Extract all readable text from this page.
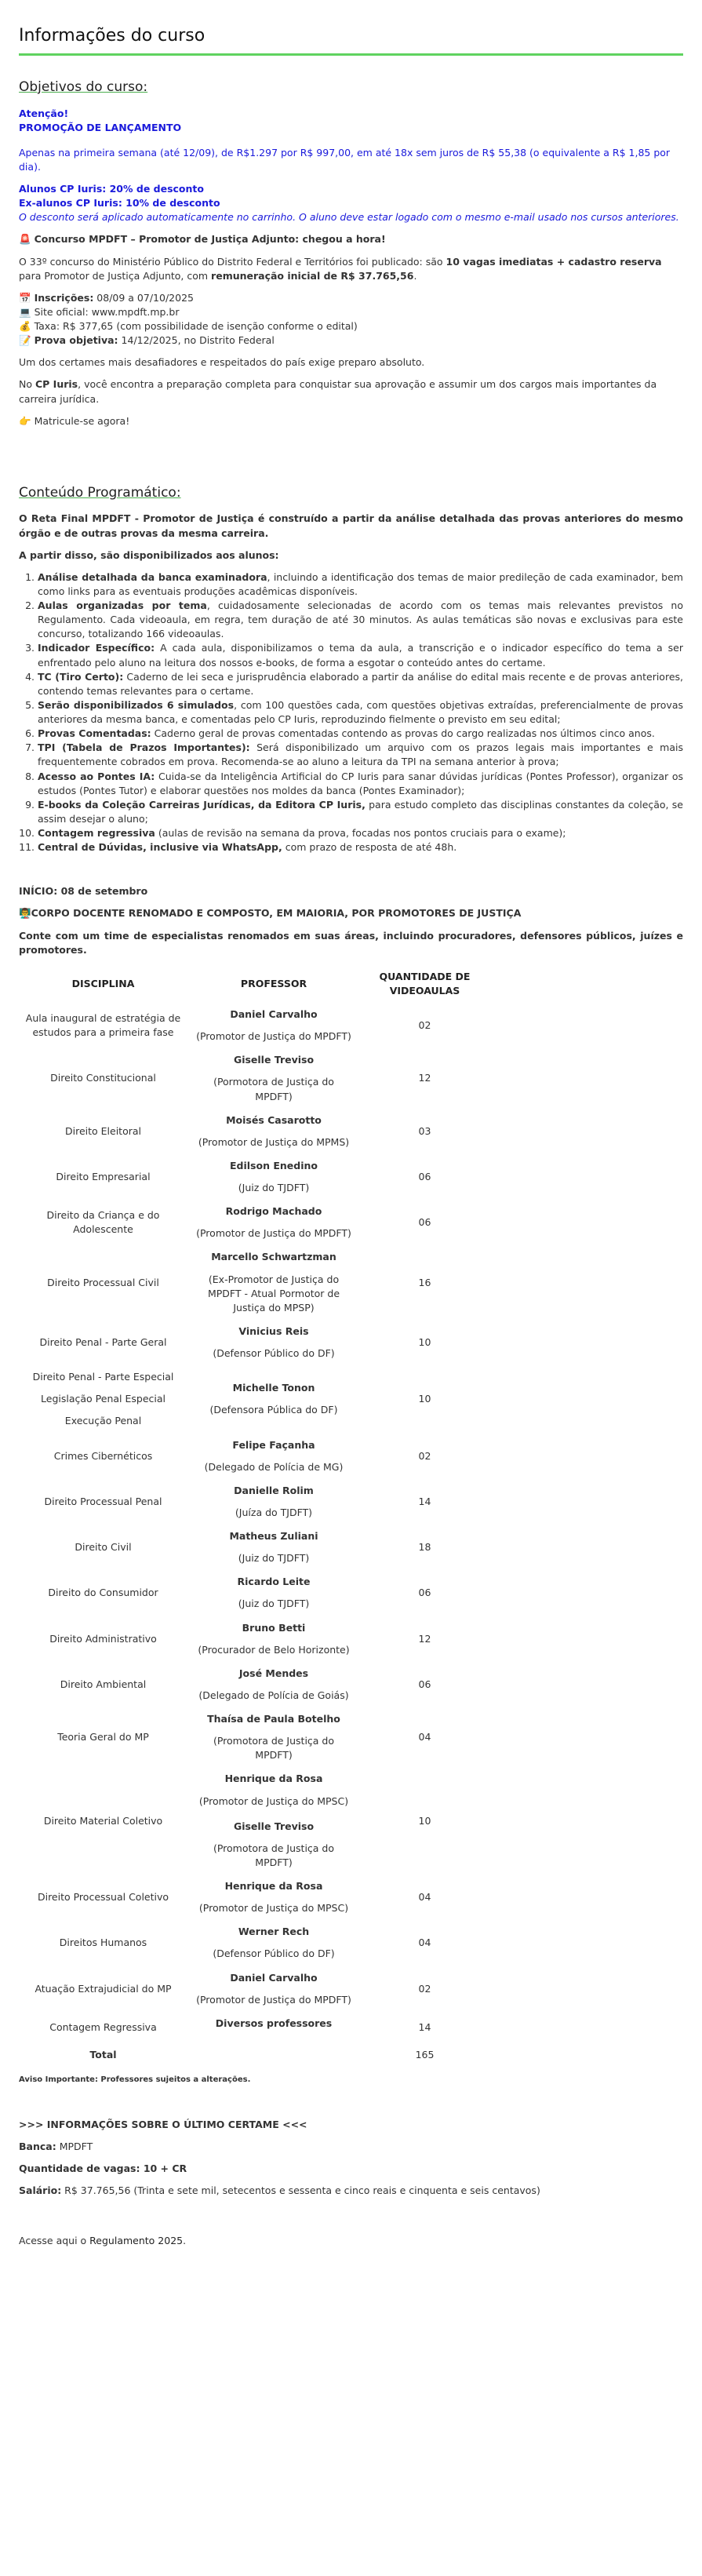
Informações do curso
Objetivos do curso:

Atenção!

PROMOÇÃO DE LANÇAMENTO

Apenas na primeira semana (até 12/09), de R$1.297 por R$ 997,00, em até 18x sem juros de R$ 55,38 (o equivalente a R$ 1,85 por dia).

Alunos CP Iuris: 20% de desconto

Ex-alunos CP Iuris: 10% de desconto

O desconto será aplicado automaticamente no carrinho. O aluno deve estar logado com o mesmo e-mail usado nos cursos anteriores.

🚨 Concurso MPDFT – Promotor de Justiça Adjunto: chegou a hora!

O 33º concurso do Ministério Público do Distrito Federal e Territórios foi publicado: são 10 vagas imediatas + cadastro reserva para Promotor de Justiça Adjunto, com remuneração inicial de R$ 37.765,56.

📅 Inscrições: 08/09 a 07/10/2025
💻 Site oficial: www.mpdft.mp.br
💰 Taxa: R$ 377,65 (com possibilidade de isenção conforme o edital)
📝 Prova objetiva: 14/12/2025, no Distrito Federal

Um dos certames mais desafiadores e respeitados do país exige preparo absoluto.

No CP Iuris, você encontra a preparação completa para conquistar sua aprovação e assumir um dos cargos mais importantes da carreira jurídica.

👉 Matricule-se agora!

Conteúdo Programático:

O Reta Final MPDFT - Promotor de Justiça é construído a partir da análise detalhada das provas anteriores do mesmo órgão e de outras provas da mesma carreira.

A partir disso, são disponibilizados aos alunos:

1. Análise detalhada da banca examinadora, incluindo a identificação dos temas de maior predileção de cada examinador, bem como links para as eventuais produções acadêmicas disponíveis.
2. Aulas organizadas por tema, cuidadosamente selecionadas de acordo com os temas mais relevantes previstos no Regulamento. Cada videoaula, em regra, tem duração de até 30 minutos. As aulas temáticas são novas e exclusivas para este concurso, totalizando 166 videoaulas.
3. Indicador Específico: A cada aula, disponibilizamos o tema da aula, a transcrição e o indicador específico do tema a ser enfrentado pelo aluno na leitura dos nossos e-books, de forma a esgotar o conteúdo antes do certame.
4. TC (Tiro Certo): Caderno de lei seca e jurisprudência elaborado a partir da análise do edital mais recente e de provas anteriores, contendo temas relevantes para o certame.
5. Serão disponibilizados 6 simulados, com 100 questões cada, com questões objetivas extraídas, preferencialmente de provas anteriores da mesma banca, e comentadas pelo CP Iuris, reproduzindo fielmente o previsto em seu edital;
6. Provas Comentadas: Caderno geral de provas comentadas contendo as provas do cargo realizadas nos últimos cinco anos.
7. TPI (Tabela de Prazos Importantes): Será disponibilizado um arquivo com os prazos legais mais importantes e mais frequentemente cobrados em prova. Recomenda-se ao aluno a leitura da TPI na semana anterior à prova;
8. Acesso ao Pontes IA: Cuida-se da Inteligência Artificial do CP Iuris para sanar dúvidas jurídicas (Pontes Professor), organizar os estudos (Pontes Tutor) e elaborar questões nos moldes da banca (Pontes Examinador);
9. E-books da Coleção Carreiras Jurídicas, da Editora CP Iuris, para estudo completo das disciplinas constantes da coleção, se assim desejar o aluno;
10. Contagem regressiva (aulas de revisão na semana da prova, focadas nos pontos cruciais para o exame);
11. Central de Dúvidas, inclusive via WhatsApp, com prazo de resposta de até 48h.

INÍCIO: 08 de setembro

👨‍🏫CORPO DOCENTE RENOMADO E COMPOSTO, EM MAIORIA, POR PROMOTORES DE JUSTIÇA

Conte com um time de especialistas renomados em suas áreas, incluindo procuradores, defensores públicos, juízes e promotores.

DISCIPLINA	PROFESSOR	QUANTIDADE DE VIDEOAULAS

Aula inaugural de estratégia de estudos para a primeira fase	Daniel Carvalho
(Promotor de Justiça do MPDFT)	02

Direito Constitucional	Giselle Treviso
(Pormotora de Justiça do MPDFT)	12

Direito Eleitoral	Moisés Casarotto
(Promotor de Justiça do MPMS)	03

Direito Empresarial	Edilson Enedino
(Juiz do TJDFT)	06

Direito da Criança e do Adolescente	Rodrigo Machado
(Promotor de Justiça do MPDFT)	06

Direito Processual Civil	Marcello Schwartzman
(Ex-Promotor de Justiça do MPDFT - Atual Pormotor de Justiça do MPSP)	16

Direito Penal - Parte Geral	Vinicius Reis
(Defensor Público do DF)	10

Direito Penal - Parte Especial
Legislação Penal Especial
Execução Penal	Michelle Tonon
(Defensora Pública do DF)	10

Crimes Cibernéticos	Felipe Façanha
(Delegado de Polícia de MG)	02

Direito Processual Penal	Danielle Rolim
(Juíza do TJDFT)	14

Direito Civil	Matheus Zuliani
(Juiz do TJDFT)	18

Direito do Consumidor	Ricardo Leite
(Juiz do TJDFT)	06

Direito Administrativo	Bruno Betti
(Procurador de Belo Horizonte)	12

Direito Ambiental	José Mendes
(Delegado de Polícia de Goiás)	06

Teoria Geral do MP	Thaísa de Paula Botelho
(Promotora de Justiça do MPDFT)	04

Direito Material Coletivo	Henrique da Rosa
(Promotor de Justiça do MPSC)
Giselle Treviso
(Promotora de Justiça do MPDFT)	10

Direito Processual Coletivo	Henrique da Rosa
(Promotor de Justiça do MPSC)	04

Direitos Humanos	Werner Rech
(Defensor Público do DF)	04

Atuação Extrajudicial do MP	Daniel Carvalho
(Promotor de Justiça do MPDFT)	02

Contagem Regressiva	Diversos professores	14
Total		165

Aviso Importante: Professores sujeitos a alterações.

>>> INFORMAÇÕES SOBRE O ÚLTIMO CERTAME <<<

Banca: MPDFT

Quantidade de vagas: 10 + CR

Salário: R$ 37.765,56 (Trinta e sete mil, setecentos e sessenta e cinco reais e cinquenta e seis centavos)

Acesse aqui o Regulamento 2025.
